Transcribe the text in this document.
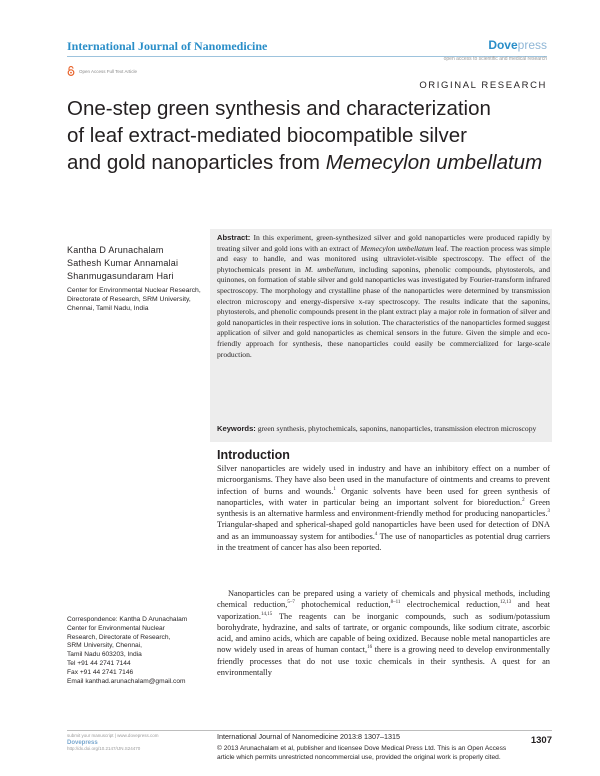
International Journal of Nanomedicine	Dovepress
open access to scientific and medical research
Open Access Full Text Article
ORIGINAL RESEARCH
One-step green synthesis and characterization
of leaf extract-mediated biocompatible silver
and gold nanoparticles from Memecylon umbellatum
Kantha D Arunachalam
Sathesh Kumar Annamalai
Shanmugasundaram Hari
Center for Environmental Nuclear Research, Directorate of Research, SRM University, Chennai, Tamil Nadu, India
Abstract: In this experiment, green-synthesized silver and gold nanoparticles were produced rapidly by treating silver and gold ions with an extract of Memecylon umbellatum leaf. The reaction process was simple and easy to handle, and was monitored using ultraviolet-visible spectroscopy. The effect of the phytochemicals present in M. umbellatum, including saponins, phenolic compounds, phytosterols, and quinones, on formation of stable silver and gold nanoparticles was investigated by Fourier-transform infrared spectroscopy. The morphology and crystalline phase of the nanoparticles were determined by transmission electron microscopy and energy-dispersive x-ray spectroscopy. The results indicate that the saponins, phytosterols, and phenolic compounds present in the plant extract play a major role in formation of silver and gold nanoparticles in their respective ions in solution. The characteristics of the nanoparticles formed suggest application of silver and gold nanoparticles as chemical sensors in the future. Given the simple and eco-friendly approach for synthesis, these nanoparticles could easily be commercialized for large-scale production.
Keywords: green synthesis, phytochemicals, saponins, nanoparticles, transmission electron microscopy
Introduction
Silver nanoparticles are widely used in industry and have an inhibitory effect on a number of microorganisms. They have also been used in the manufacture of ointments and creams to prevent infection of burns and wounds.$^1$ Organic solvents have been used for green synthesis of nanoparticles, with water in particular being an important solvent for bioreduction.$^2$ Green synthesis is an alternative harmless and environment-friendly method for producing nanoparticles.$^3$ Triangular-shaped and spherical-shaped gold nanoparticles have been used for detection of DNA and as an immunoassay system for antibodies.$^4$ The use of nanoparticles as potential drug carriers in the treatment of cancer has also been reported.
Nanoparticles can be prepared using a variety of chemicals and physical methods, including chemical reduction,$^{5-7}$ photochemical reduction,$^{8-11}$ electrochemical reduction,$^{12,13}$ and heat vaporization.$^{14,15}$ The reagents can be inorganic compounds, such as sodium/potassium borohydrate, hydrazine, and salts of tartrate, or organic compounds, like sodium citrate, ascorbic acid, and amino acids, which are capable of being oxidized. Because noble metal nanoparticles are now widely used in areas of human contact,$^{16}$ there is a growing need to develop environmentally friendly processes that do not use toxic chemicals in their synthesis. A quest for an environmentally
Correspondence: Kantha D Arunachalam
Center for Environmental Nuclear
Research, Directorate of Research,
SRM University, Chennai,
Tamil Nadu 603203, India
Tel +91 44 2741 7144
Fax +91 44 2741 7146
Email kanthad.arunachalam@gmail.com
submit your manuscript | www.dovepress.com
Dovepress
http://dx.doi.org/10.2147/IJN.S24470
International Journal of Nanomedicine 2013:8 1307–1315
© 2013 Arunachalam et al, publisher and licensee Dove Medical Press Ltd. This is an Open Access
article which permits unrestricted noncommercial use, provided the original work is properly cited.
1307
